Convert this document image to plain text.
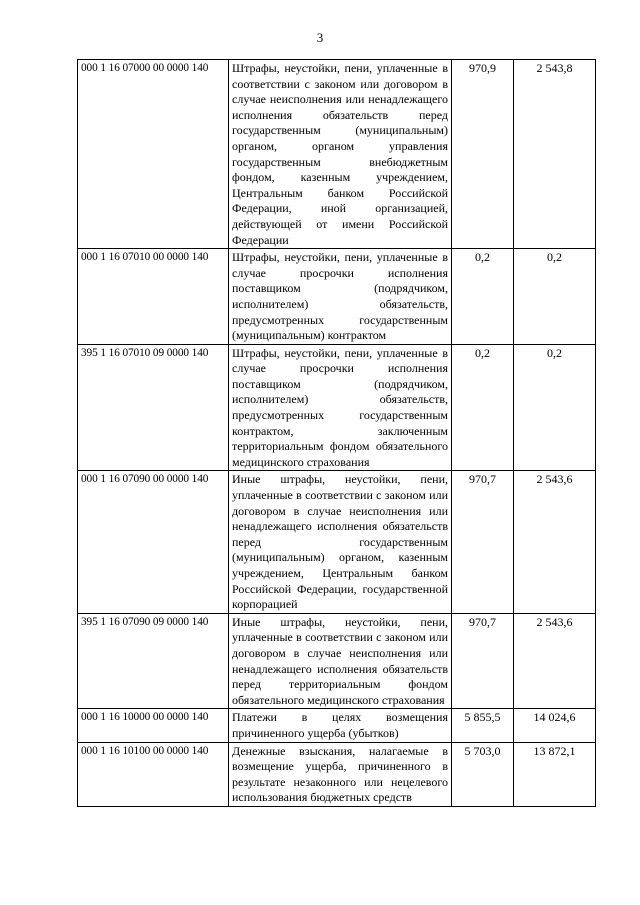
3
000 1 16 07000 00 0000 140	Штрафы, неустойки, пени, уплаченные в соответствии с законом или договором в случае неисполнения или ненадлежащего исполнения обязательств перед государственным (муниципальным) органом, органом управления государственным внебюджетным фондом, казенным учреждением, Центральным банком Российской Федерации, иной организацией, действующей от имени Российской Федерации	970,9	2 543,8
000 1 16 07010 00 0000 140	Штрафы, неустойки, пени, уплаченные в случае просрочки исполнения поставщиком (подрядчиком, исполнителем) обязательств, предусмотренных государственным (муниципальным) контрактом	0,2	0,2
395 1 16 07010 09 0000 140	Штрафы, неустойки, пени, уплаченные в случае просрочки исполнения поставщиком (подрядчиком, исполнителем) обязательств, предусмотренных государственным контрактом, заключенным территориальным фондом обязательного медицинского страхования	0,2	0,2
000 1 16 07090 00 0000 140	Иные штрафы, неустойки, пени, уплаченные в соответствии с законом или договором в случае неисполнения или ненадлежащего исполнения обязательств перед государственным (муниципальным) органом, казенным учреждением, Центральным банком Российской Федерации, государственной корпорацией	970,7	2 543,6
395 1 16 07090 09 0000 140	Иные штрафы, неустойки, пени, уплаченные в соответствии с законом или договором в случае неисполнения или ненадлежащего исполнения обязательств перед территориальным фондом обязательного медицинского страхования	970,7	2 543,6
000 1 16 10000 00 0000 140	Платежи в целях возмещения причиненного ущерба (убытков)	5 855,5	14 024,6
000 1 16 10100 00 0000 140	Денежные взыскания, налагаемые в возмещение ущерба, причиненного в результате незаконного или нецелевого использования бюджетных средств	5 703,0	13 872,1
